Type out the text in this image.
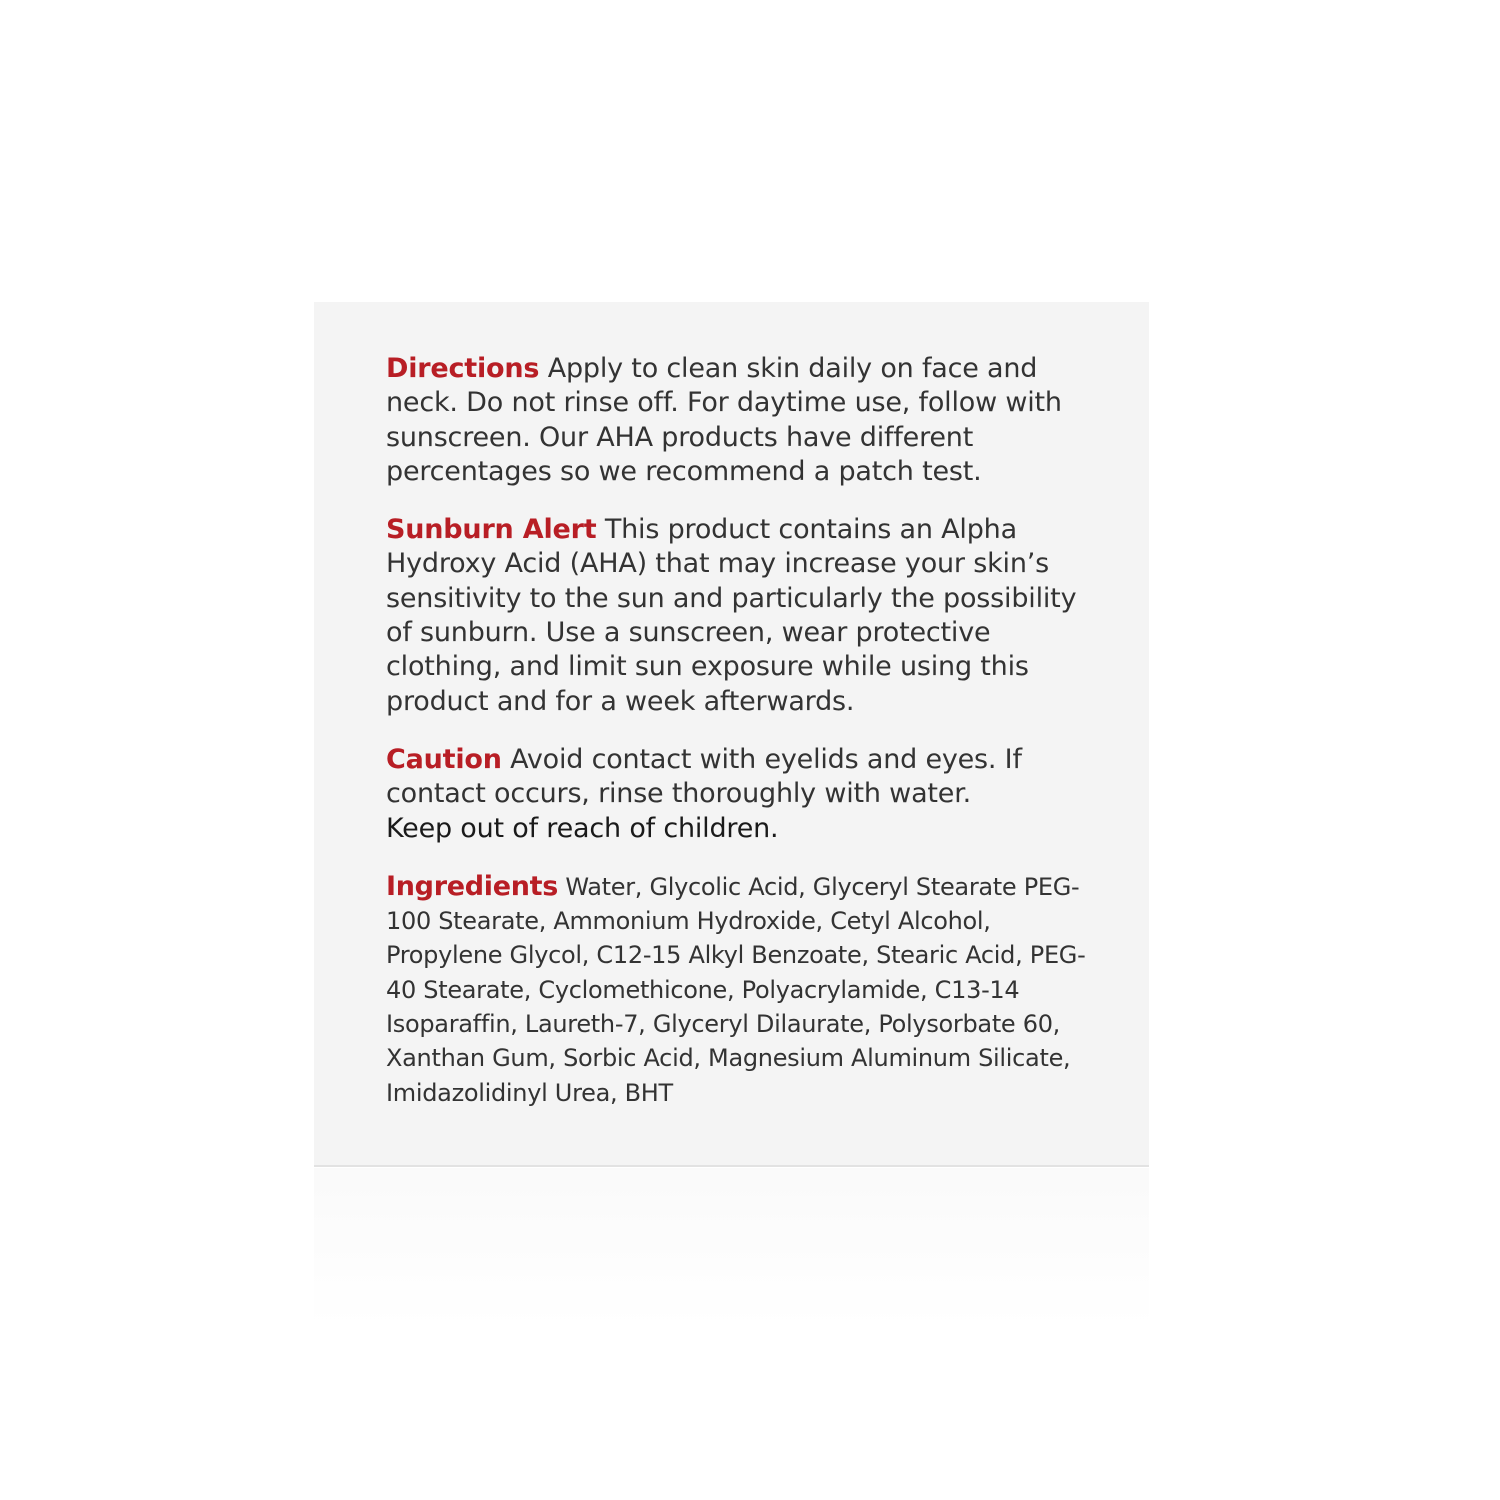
Directions Apply to clean skin daily on face and neck. Do not rinse off. For daytime use, follow with sunscreen. Our AHA products have different percentages so we recommend a patch test.

Sunburn Alert This product contains an Alpha Hydroxy Acid (AHA) that may increase your skin’s sensitivity to the sun and particularly the possibility of sunburn. Use a sunscreen, wear protective clothing, and limit sun exposure while using this product and for a week afterwards.

Caution Avoid contact with eyelids and eyes. If contact occurs, rinse thoroughly with water.
Keep out of reach of children.

Ingredients Water, Glycolic Acid, Glyceryl Stearate PEG-100 Stearate, Ammonium Hydroxide, Cetyl Alcohol, Propylene Glycol, C12-15 Alkyl Benzoate, Stearic Acid, PEG-40 Stearate, Cyclomethicone, Polyacrylamide, C13-14 Isoparaffin, Laureth-7, Glyceryl Dilaurate, Polysorbate 60, Xanthan Gum, Sorbic Acid, Magnesium Aluminum Silicate, Imidazolidinyl Urea, BHT
